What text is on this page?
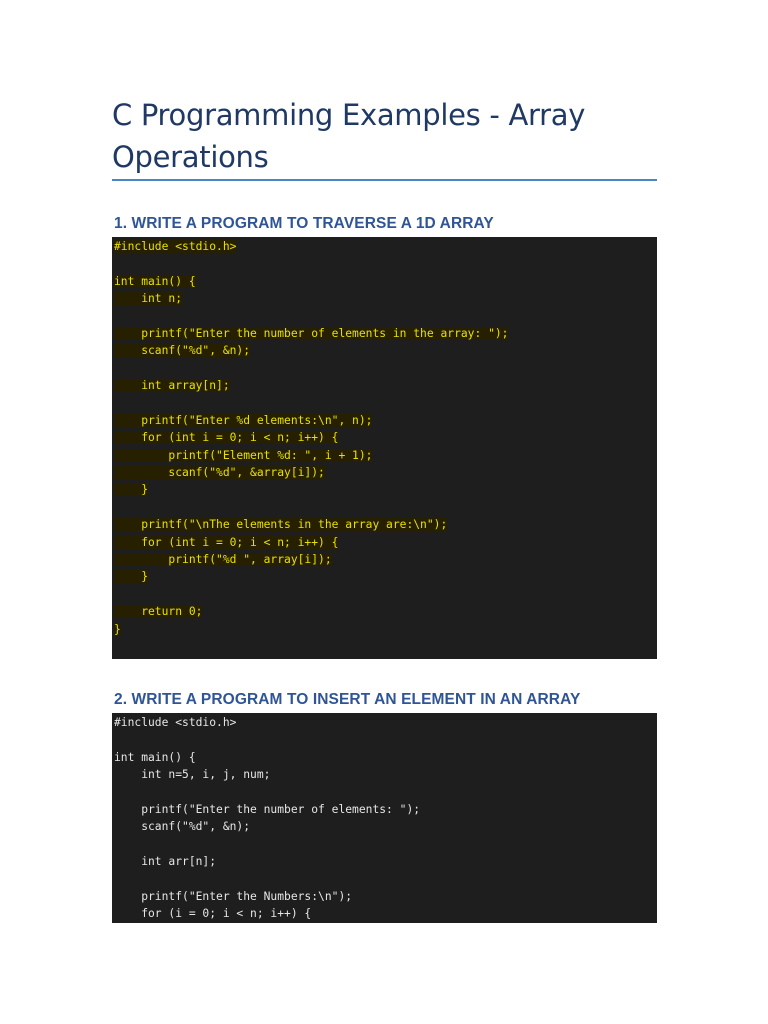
C Programming Examples - Array Operations
1. WRITE A PROGRAM TO TRAVERSE A 1D ARRAY
#include <stdio.h>
int main() {
int n;
printf("Enter the number of elements in the array: ");
scanf("%d", &n);
int array[n];
printf("Enter %d elements:\n", n);
for (int i = 0; i < n; i++) {
printf("Element %d: ", i + 1);
scanf("%d", &array[i]);
}
printf("\nThe elements in the array are:\n");
for (int i = 0; i < n; i++) {
printf("%d ", array[i]);
}
return 0;
}
2. WRITE A PROGRAM TO INSERT AN ELEMENT IN AN ARRAY
#include <stdio.h>
int main() {
int n=5, i, j, num;
printf("Enter the number of elements: ");
scanf("%d", &n);
int arr[n];
printf("Enter the Numbers:\n");
for (i = 0; i < n; i++) {
